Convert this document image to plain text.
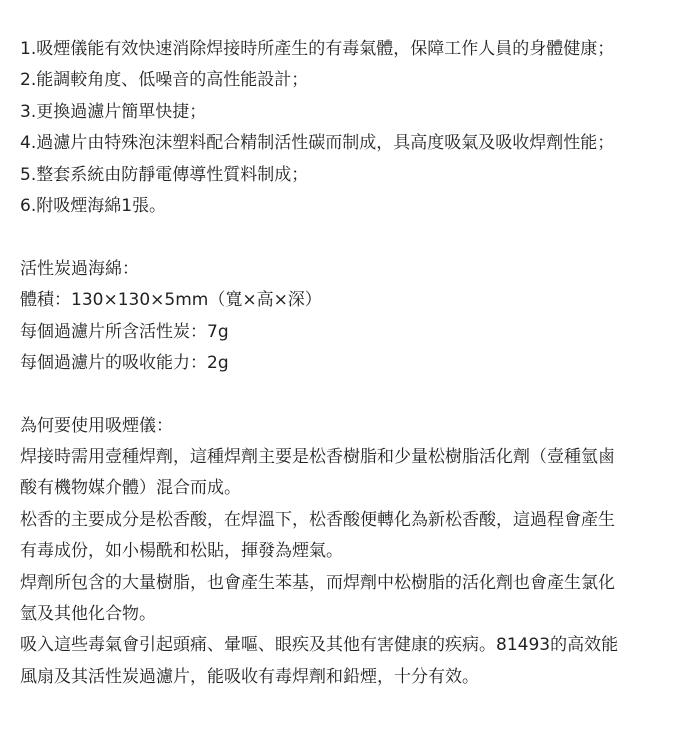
1.吸煙儀能有效快速消除焊接時所產生的有毒氣體，保障工作人員的身體健康；
2.能調較角度、低噪音的高性能設計；
3.更換過濾片簡單快捷；
4.過濾片由特殊泡沫塑料配合精制活性碳而制成，具高度吸氣及吸收焊劑性能；
5.整套系統由防靜電傳導性質料制成；
6.附吸煙海綿1張。
活性炭過海綿：
體積：130×130×5mm（寬×高×深）
每個過濾片所含活性炭：7g
每個過濾片的吸收能力：2g
為何要使用吸煙儀：
焊接時需用壹種焊劑，這種焊劑主要是松香樹脂和少量松樹脂活化劑（壹種氫鹵
酸有機物媒介體）混合而成。
松香的主要成分是松香酸，在焊溫下，松香酸便轉化為新松香酸，這過程會產生
有毒成份，如小楊酰和松貼，揮發為煙氣。
焊劑所包含的大量樹脂，也會產生苯基，而焊劑中松樹脂的活化劑也會產生氯化
氫及其他化合物。
吸入這些毒氣會引起頭痛、暈嘔、眼疾及其他有害健康的疾病。81493的高效能
風扇及其活性炭過濾片，能吸收有毒焊劑和鉛煙，十分有效。
